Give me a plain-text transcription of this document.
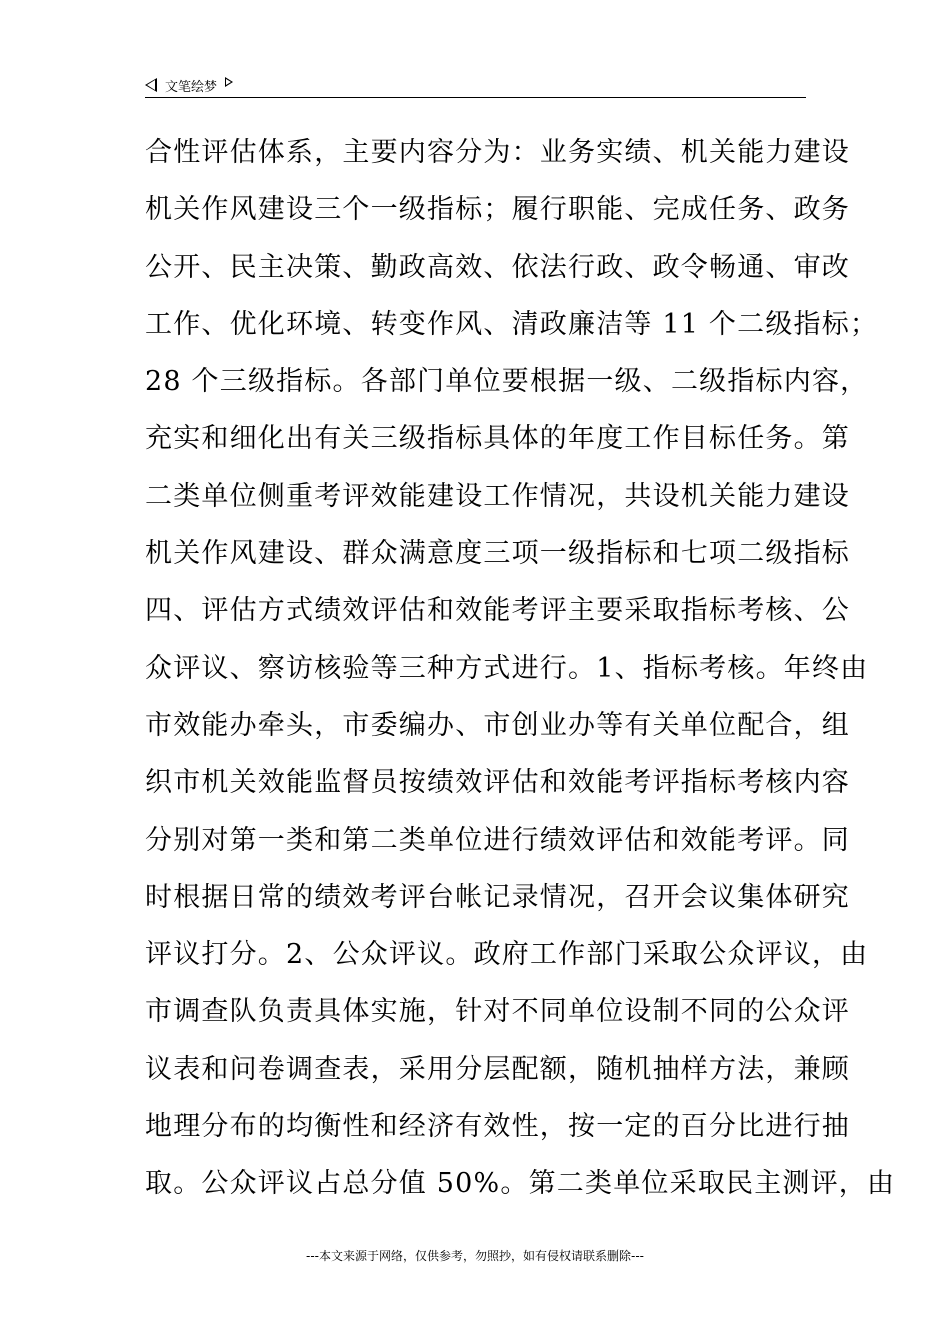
文笔绘梦
合性评估体系，主要内容分为：业务实绩、机关能力建设
机关作风建设三个一级指标；履行职能、完成任务、政务
公开、民主决策、勤政高效、依法行政、政令畅通、审改
工作、优化环境、转变作风、清政廉洁等 11 个二级指标；
28 个三级指标。各部门单位要根据一级、二级指标内容，
充实和细化出有关三级指标具体的年度工作目标任务。第
二类单位侧重考评效能建设工作情况，共设机关能力建设
机关作风建设、群众满意度三项一级指标和七项二级指标
四、评估方式绩效评估和效能考评主要采取指标考核、公
众评议、察访核验等三种方式进行。1、指标考核。年终由
市效能办牵头，市委编办、市创业办等有关单位配合，组
织市机关效能监督员按绩效评估和效能考评指标考核内容
分别对第一类和第二类单位进行绩效评估和效能考评。同
时根据日常的绩效考评台帐记录情况，召开会议集体研究
评议打分。2、公众评议。政府工作部门采取公众评议，由
市调查队负责具体实施，针对不同单位设制不同的公众评
议表和问卷调查表，采用分层配额，随机抽样方法，兼顾
地理分布的均衡性和经济有效性，按一定的百分比进行抽
取。公众评议占总分值 50%。第二类单位采取民主测评，由
---本文来源于网络，仅供参考，勿照抄，如有侵权请联系删除---
